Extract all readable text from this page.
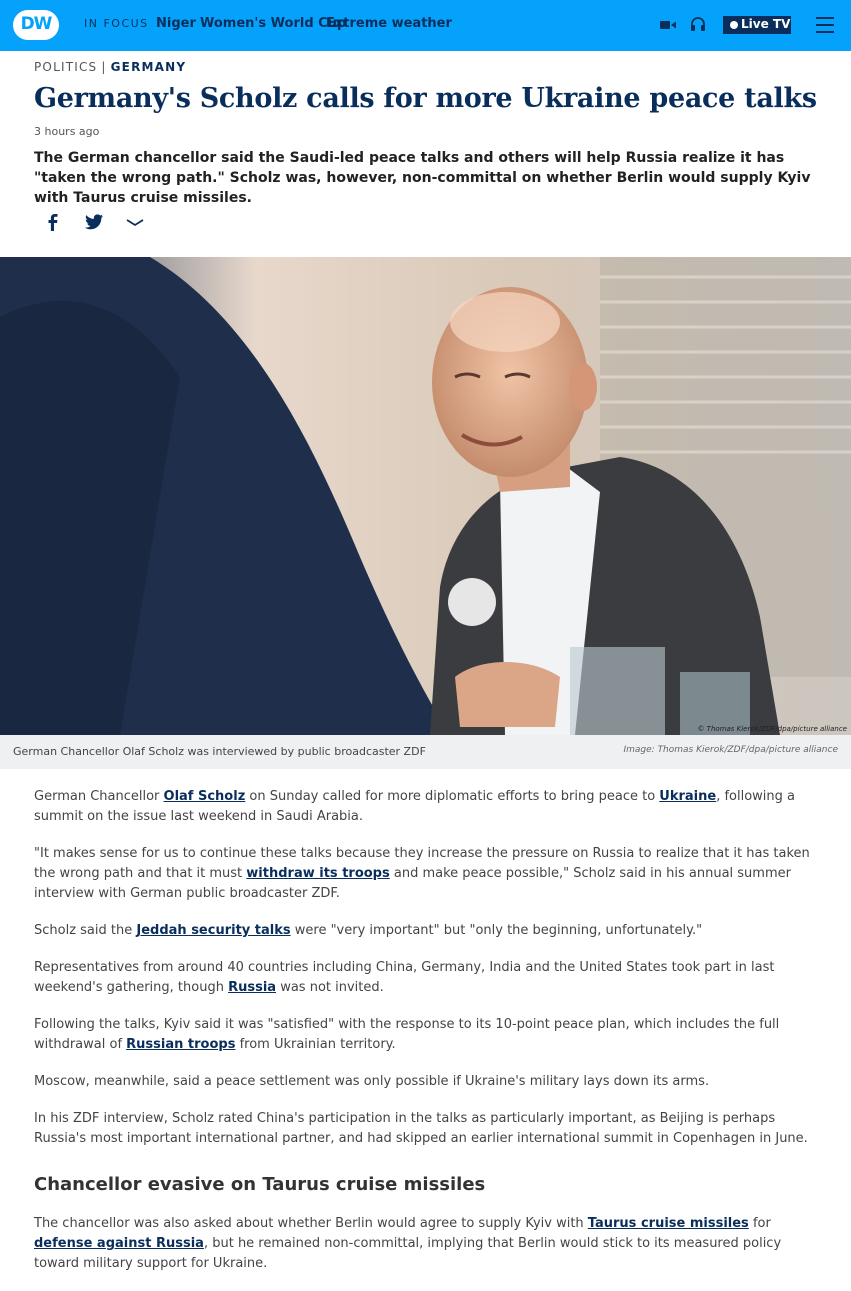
DW	IN FOCUS Niger Women's World Cup
Extreme weather	Live TV
POLITICS | GERMANY
Germany's Scholz calls for more Ukraine peace talks
3 hours ago

The German chancellor said the Saudi-led peace talks and others will help Russia realize it has "taken the wrong path." Scholz was, however, non-committal on whether Berlin would supply Kyiv with Taurus cruise missiles.

© Thomas Kierok/ZDF/dpa/picture alliance
German Chancellor Olaf Scholz was interviewed by public broadcaster ZDF	Image: Thomas Kierok/ZDF/dpa/picture alliance

German Chancellor Olaf Scholz on Sunday called for more diplomatic efforts to bring peace to Ukraine, following a summit on the issue last weekend in Saudi Arabia.

"It makes sense for us to continue these talks because they increase the pressure on Russia to realize that it has taken the wrong path and that it must withdraw its troops and make peace possible," Scholz said in his annual summer interview with German public broadcaster ZDF.

Scholz said the Jeddah security talks were "very important" but "only the beginning, unfortunately."

Representatives from around 40 countries including China, Germany, India and the United States took part in last weekend's gathering, though Russia was not invited.

Following the talks, Kyiv said it was "satisfied" with the response to its 10-point peace plan, which includes the full withdrawal of Russian troops from Ukrainian territory.

Moscow, meanwhile, said a peace settlement was only possible if Ukraine's military lays down its arms.

In his ZDF interview, Scholz rated China's participation in the talks as particularly important, as Beijing is perhaps Russia's most important international partner, and had skipped an earlier international summit in Copenhagen in June.

Chancellor evasive on Taurus cruise missiles

The chancellor was also asked about whether Berlin would agree to supply Kyiv with Taurus cruise missiles for defense against Russia, but he remained non-committal, implying that Berlin would stick to its measured policy toward military support for Ukraine.
